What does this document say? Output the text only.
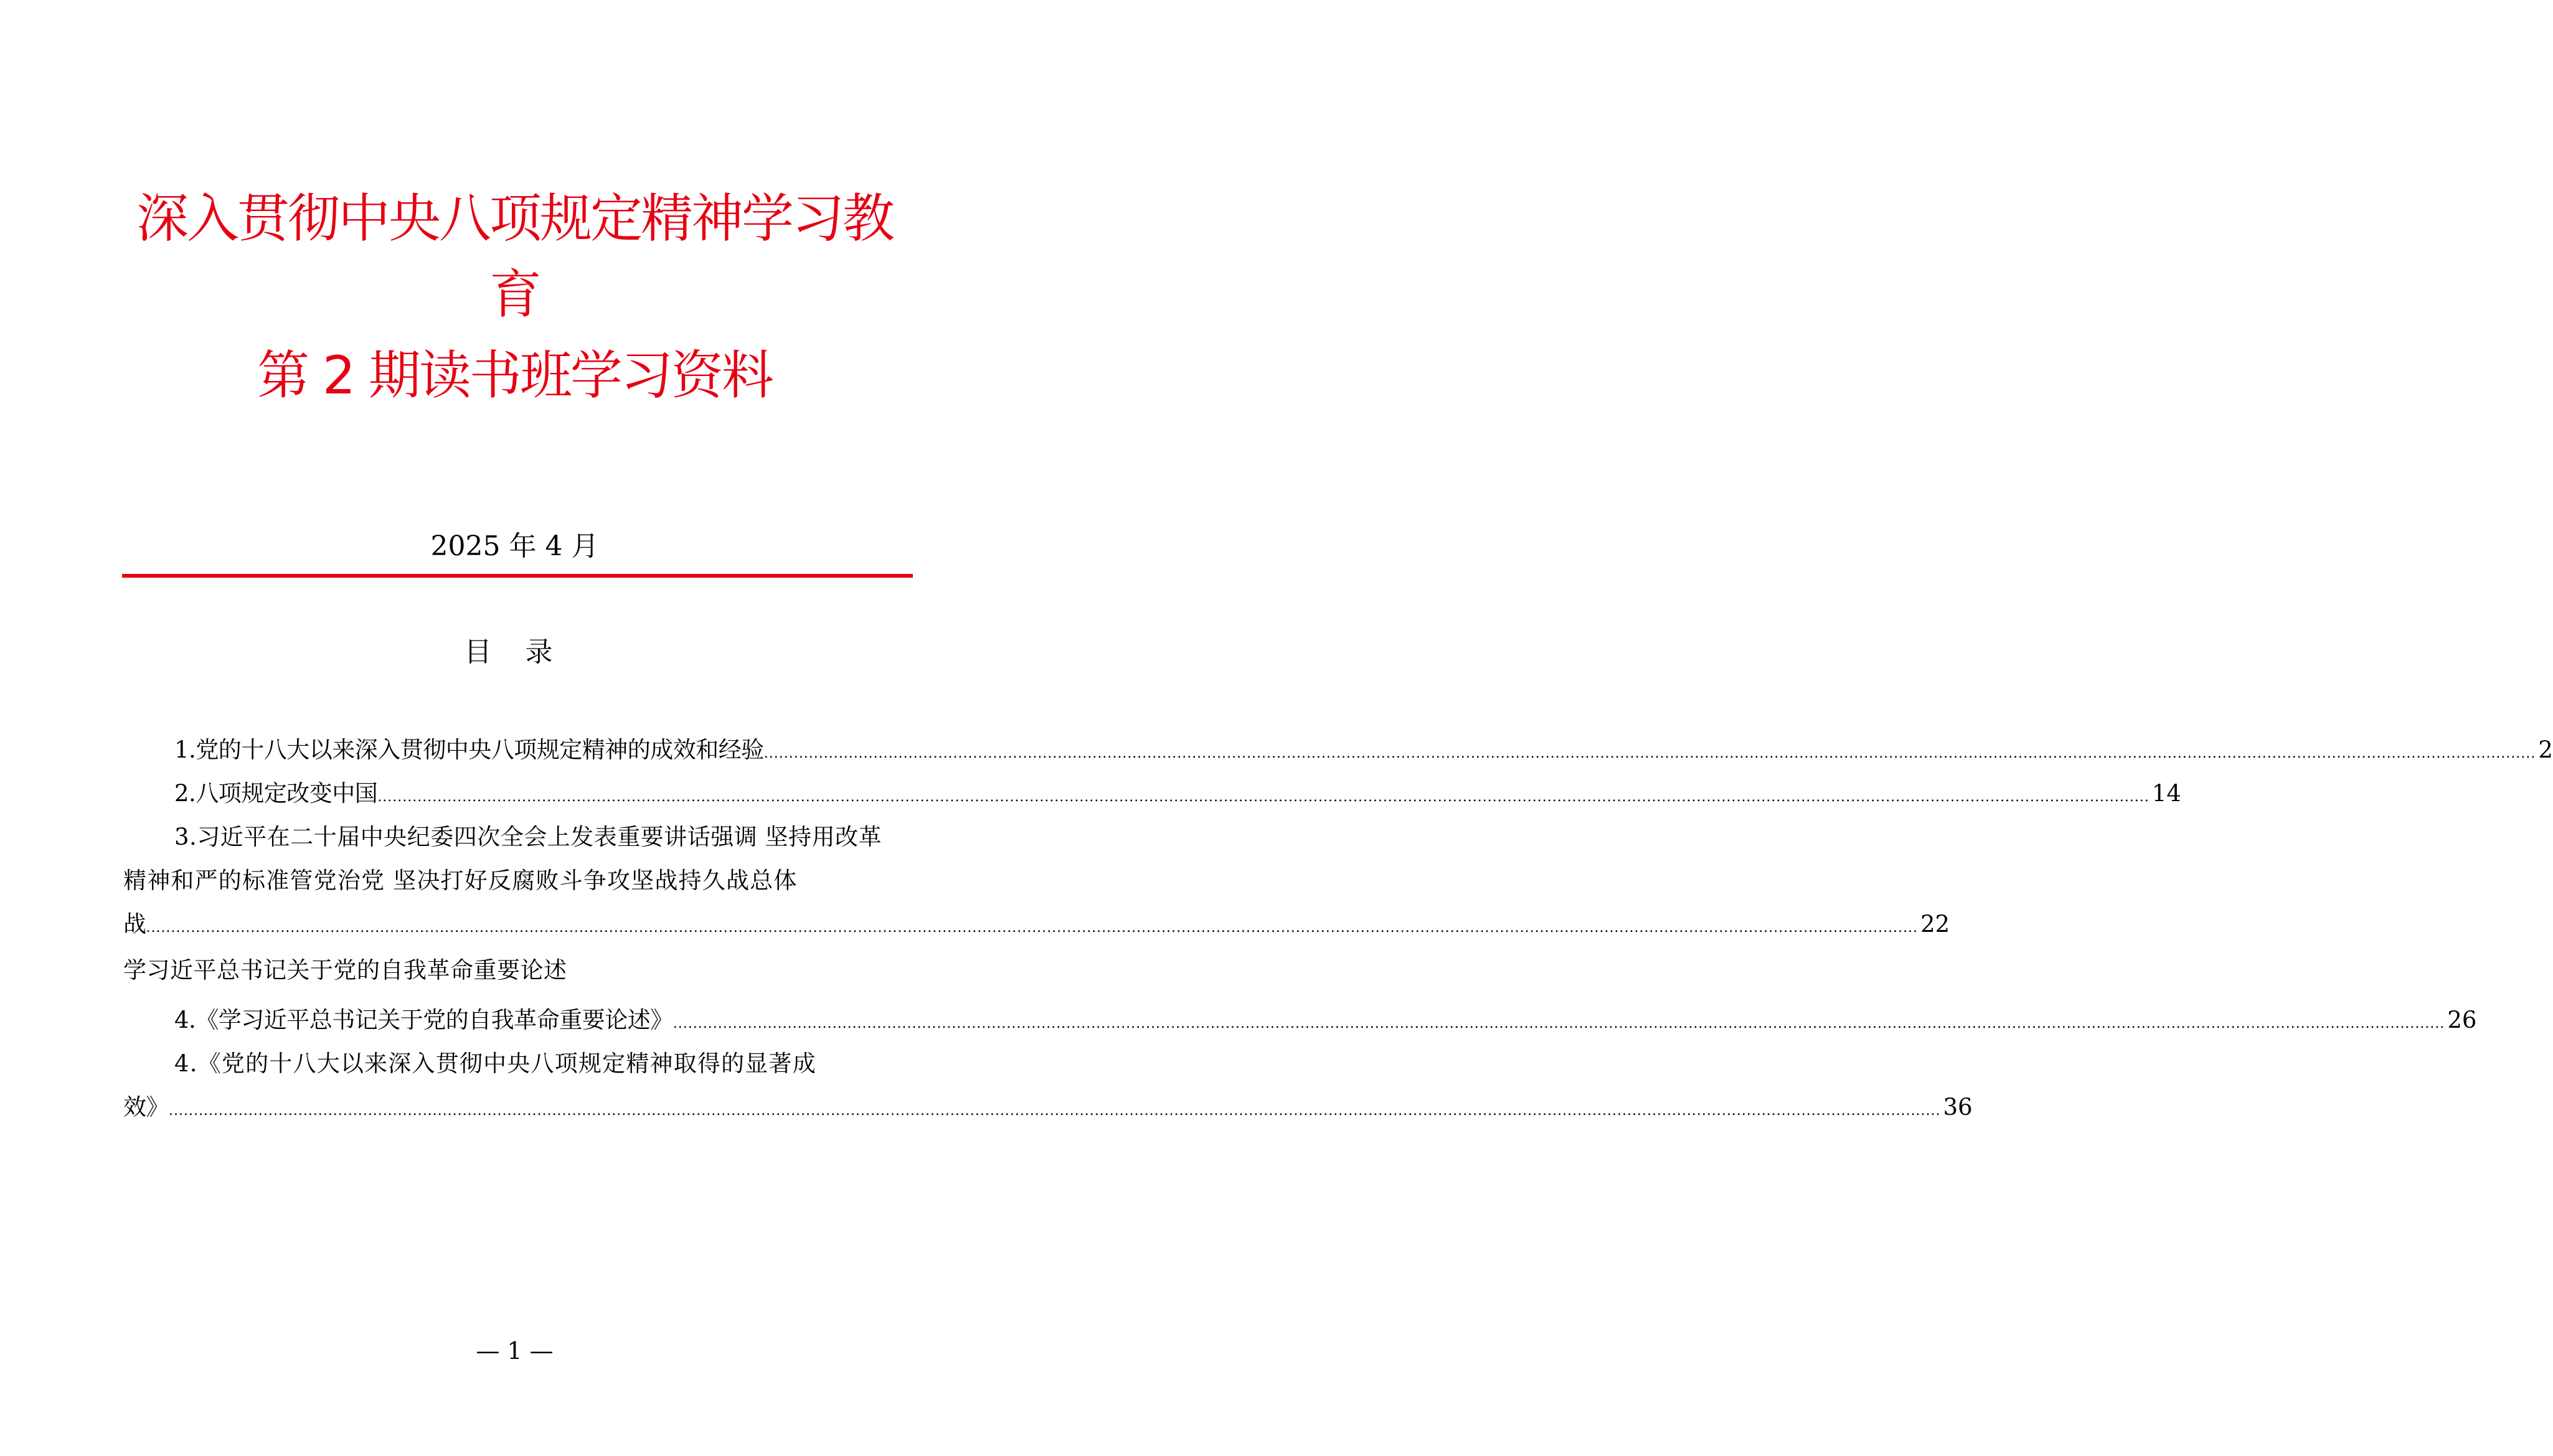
深入贯彻中央八项规定精神学习教
育
第 2 期读书班学习资料
2025 年 4 月
目 录
1.党的十八大以来深入贯彻中央八项规定精神的成效和经验 .....	2
2.八项规定改变中国 .....	14
3.习近平在二十届中央纪委四次全会上发表重要讲话强调 坚持用改革
精神和严的标准管党治党 坚决打好反腐败斗争攻坚战持久战总体
战 .....	22
学习近平总书记关于党的自我革命重要论述
4.《学习近平总书记关于党的自我革命重要论述》 .....	26
4.《党的十八大以来深入贯彻中央八项规定精神取得的显著成
效》 .....	36
— 1 —
